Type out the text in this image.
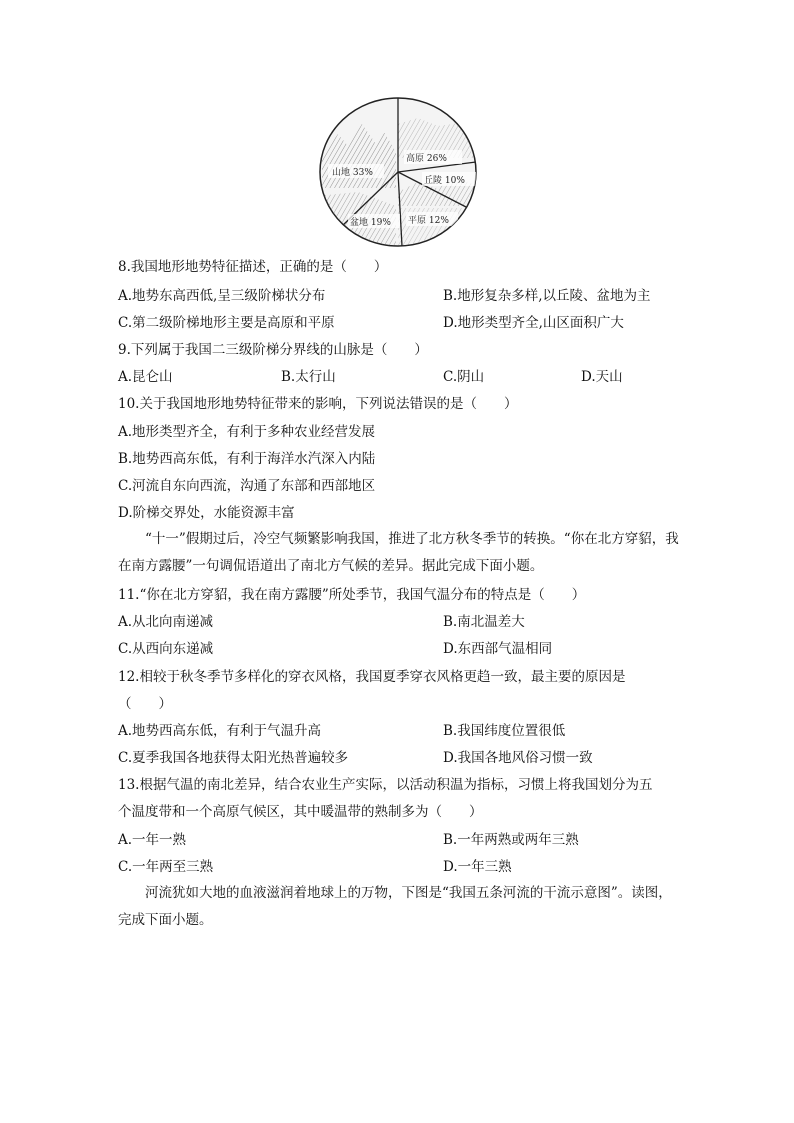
山地 33%
高原 26%
丘陵 10%
平原 12%
盆地 19%
8.我国地形地势特征描述，正确的是（　　）
A.地势东高西低,呈三级阶梯状分布	B.地形复杂多样,以丘陵、盆地为主
C.第二级阶梯地形主要是高原和平原	D.地形类型齐全,山区面积广大
9.下列属于我国二三级阶梯分界线的山脉是（　　）
A.昆仑山	B.太行山	C.阴山	D.天山
10.关于我国地形地势特征带来的影响，下列说法错误的是（　　）
A.地形类型齐全，有利于多种农业经营发展
B.地势西高东低，有利于海洋水汽深入内陆
C.河流自东向西流，沟通了东部和西部地区
D.阶梯交界处，水能资源丰富
“十一”假期过后，冷空气频繁影响我国，推进了北方秋冬季节的转换。“你在北方穿貂，我在南方露腰”一句调侃语道出了南北方气候的差异。据此完成下面小题。
11.“你在北方穿貂，我在南方露腰”所处季节，我国气温分布的特点是（　　）
A.从北向南递减	B.南北温差大
C.从西向东递减	D.东西部气温相同
12.相较于秋冬季节多样化的穿衣风格，我国夏季穿衣风格更趋一致，最主要的原因是
（　　）
A.地势西高东低，有利于气温升高	B.我国纬度位置很低
C.夏季我国各地获得太阳光热普遍较多	D.我国各地风俗习惯一致
13.根据气温的南北差异，结合农业生产实际，以活动积温为指标，习惯上将我国划分为五
个温度带和一个高原气候区，其中暖温带的熟制多为（　　）
A.一年一熟	B.一年两熟或两年三熟
C.一年两至三熟	D.一年三熟
河流犹如大地的血液滋润着地球上的万物，下图是“我国五条河流的干流示意图”。读图，完成下面小题。
